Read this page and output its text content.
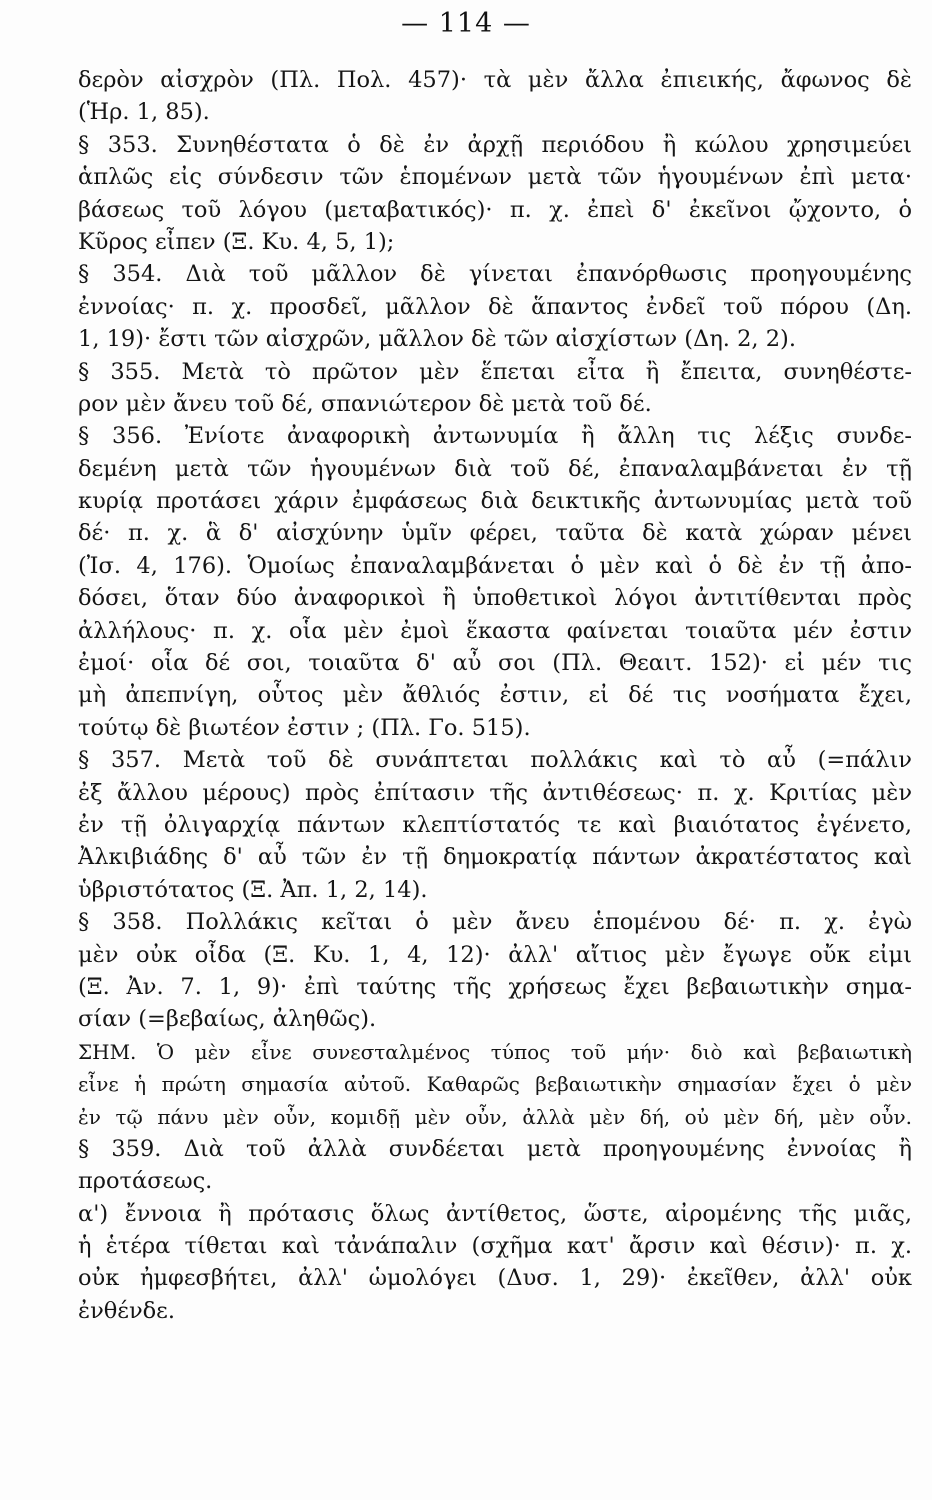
— 114 —
δερὸν αἰσχρὸν (Πλ. Πολ. 457)· τὰ μὲν ἄλλα ἐπιεικής, ἄφωνος δὲ
(Ἡρ. 1, 85).
§ 353. Συνηθέστατα ὁ δὲ ἐν ἀρχῇ περιόδου ἢ κώλου χρησιμεύει
ἁπλῶς εἰς σύνδεσιν τῶν ἑπομένων μετὰ τῶν ἡγουμένων ἐπὶ μετα·
βάσεως τοῦ λόγου (μεταβατικός)· π. χ. ἐπεὶ δ' ἐκεῖνοι ᾤχοντο, ὁ
Κῦρος εἶπεν (Ξ. Κυ. 4, 5, 1);
§ 354. Διὰ τοῦ μᾶλλον δὲ γίνεται ἐπανόρθωσις προηγουμένης
ἐννοίας· π. χ. προσδεῖ, μᾶλλον δὲ ἅπαντος ἐνδεῖ τοῦ πόρου (Δη.
1, 19)· ἔστι τῶν αἰσχρῶν, μᾶλλον δὲ τῶν αἰσχίστων (Δη. 2, 2).
§ 355. Μετὰ τὸ πρῶτον μὲν ἕπεται εἶτα ἢ ἔπειτα, συνηθέστε-
ρον μὲν ἄνευ τοῦ δέ, σπανιώτερον δὲ μετὰ τοῦ δέ.
§ 356. Ἐνίοτε ἀναφορικὴ ἀντωνυμία ἢ ἄλλη τις λέξις συνδε-
δεμένη μετὰ τῶν ἡγουμένων διὰ τοῦ δέ, ἐπαναλαμβάνεται ἐν τῇ
κυρίᾳ προτάσει χάριν ἐμφάσεως διὰ δεικτικῆς ἀντωνυμίας μετὰ τοῦ
δέ· π. χ. ἃ δ' αἰσχύνην ὑμῖν φέρει, ταῦτα δὲ κατὰ χώραν μένει
(Ἰσ. 4, 176). Ὁμοίως ἐπαναλαμβάνεται ὁ μὲν καὶ ὁ δὲ ἐν τῇ ἀπο-
δόσει, ὅταν δύο ἀναφορικοὶ ἢ ὑποθετικοὶ λόγοι ἀντιτίθενται πρὸς
ἀλλήλους· π. χ. οἷα μὲν ἐμοὶ ἕκαστα φαίνεται τοιαῦτα μέν ἐστιν
ἐμοί· οἷα δέ σοι, τοιαῦτα δ' αὖ σοι (Πλ. Θεαιτ. 152)· εἰ μέν τις
μὴ ἀπεπνίγη, οὗτος μὲν ἄθλιός ἐστιν, εἰ δέ τις νοσήματα ἔχει,
τούτῳ δὲ βιωτέον ἐστιν ; (Πλ. Γο. 515).
§ 357. Μετὰ τοῦ δὲ συνάπτεται πολλάκις καὶ τὸ αὖ (=πάλιν
ἐξ ἄλλου μέρους) πρὸς ἐπίτασιν τῆς ἀντιθέσεως· π. χ. Κριτίας μὲν
ἐν τῇ ὀλιγαρχίᾳ πάντων κλεπτίστατός τε καὶ βιαιότατος ἐγένετο,
Ἀλκιβιάδης δ' αὖ τῶν ἐν τῇ δημοκρατίᾳ πάντων ἀκρατέστατος καὶ
ὑβριστότατος (Ξ. Ἀπ. 1, 2, 14).
§ 358. Πολλάκις κεῖται ὁ μὲν ἄνευ ἑπομένου δέ· π. χ. ἐγὼ
μὲν οὐκ οἶδα (Ξ. Κυ. 1, 4, 12)· ἀλλ' αἴτιος μὲν ἔγωγε οὔκ εἰμι
(Ξ. Ἀν. 7. 1, 9)· ἐπὶ ταύτης τῆς χρήσεως ἔχει βεβαιωτικὴν σημα-
σίαν (=βεβαίως, ἀληθῶς).
ΣΗΜ. Ὁ μὲν εἶνε συνεσταλμένος τύπος τοῦ μήν· διὸ καὶ βεβαιωτικὴ
εἶνε ἡ πρώτη σημασία αὐτοῦ. Καθαρῶς βεβαιωτικὴν σημασίαν ἔχει ὁ μὲν
ἐν τῷ πάνυ μὲν οὖν, κομιδῇ μὲν οὖν, ἀλλὰ μὲν δή, οὐ μὲν δή, μὲν οὖν.
§ 359. Διὰ τοῦ ἀλλὰ συνδέεται μετὰ προηγουμένης ἐννοίας ἢ
προτάσεως.
α') ἔννοια ἢ πρότασις ὅλως ἀντίθετος, ὥστε, αἰρομένης τῆς μιᾶς,
ἡ ἑτέρα τίθεται καὶ τἀνάπαλιν (σχῆμα κατ' ἄρσιν καὶ θέσιν)· π. χ.
οὐκ ἠμφεσβήτει, ἀλλ' ὡμολόγει (Δυσ. 1, 29)· ἐκεῖθεν, ἀλλ' οὐκ
ἐνθένδε.
